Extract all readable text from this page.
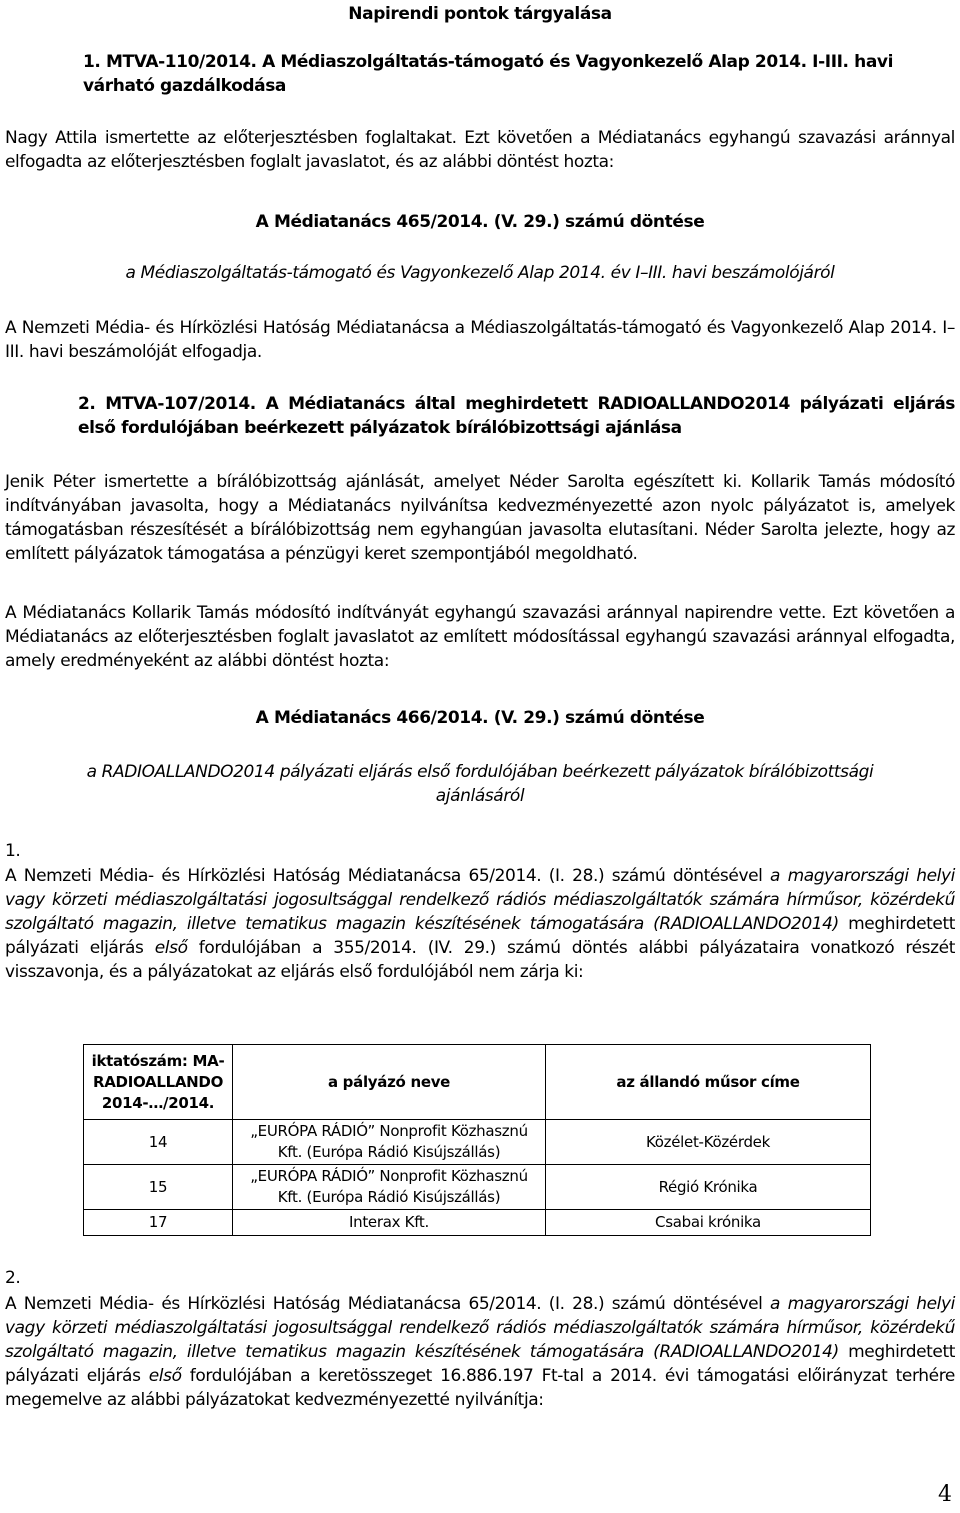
Napirendi pontok tárgyalása
1. MTVA-110/2014. A Médiaszolgáltatás-támogató és Vagyonkezelő Alap 2014. I-III. havi várható gazdálkodása
Nagy Attila ismertette az előterjesztésben foglaltakat. Ezt követően a Médiatanács egyhangú szavazási aránnyal elfogadta az előterjesztésben foglalt javaslatot, és az alábbi döntést hozta:
A Médiatanács 465/2014. (V. 29.) számú döntése
a Médiaszolgáltatás-támogató és Vagyonkezelő Alap 2014. év I–III. havi beszámolójáról
A Nemzeti Média- és Hírközlési Hatóság Médiatanácsa a Médiaszolgáltatás-támogató és Vagyonkezelő Alap 2014. I–III. havi beszámolóját elfogadja.
2. MTVA-107/2014. A Médiatanács által meghirdetett RADIOALLANDO2014 pályázati eljárás első fordulójában beérkezett pályázatok bírálóbizottsági ajánlása
Jenik Péter ismertette a bírálóbizottság ajánlását, amelyet Néder Sarolta egészített ki. Kollarik Tamás módosító indítványában javasolta, hogy a Médiatanács nyilvánítsa kedvezményezetté azon nyolc pályázatot is, amelyek támogatásban részesítését a bírálóbizottság nem egyhangúan javasolta elutasítani. Néder Sarolta jelezte, hogy az említett pályázatok támogatása a pénzügyi keret szempontjából megoldható.
A Médiatanács Kollarik Tamás módosító indítványát egyhangú szavazási aránnyal napirendre vette. Ezt követően a Médiatanács az előterjesztésben foglalt javaslatot az említett módosítással egyhangú szavazási aránnyal elfogadta, amely eredményeként az alábbi döntést hozta:
A Médiatanács 466/2014. (V. 29.) számú döntése
a RADIOALLANDO2014 pályázati eljárás első fordulójában beérkezett pályázatok bírálóbizottsági ajánlásáról
1.
A Nemzeti Média- és Hírközlési Hatóság Médiatanácsa 65/2014. (I. 28.) számú döntésével a magyarországi helyi vagy körzeti médiaszolgáltatási jogosultsággal rendelkező rádiós médiaszolgáltatók számára hírműsor, közérdekű szolgáltató magazin, illetve tematikus magazin készítésének támogatására (RADIOALLANDO2014) meghirdetett pályázati eljárás első fordulójában a 355/2014. (IV. 29.) számú döntés alábbi pályázataira vonatkozó részét visszavonja, és a pályázatokat az eljárás első fordulójából nem zárja ki:
iktatószám: MA-RADIOALLANDO 2014-…/2014.	a pályázó neve	az állandó műsor címe
14	„EURÓPA RÁDIÓ” Nonprofit Közhasznú Kft. (Európa Rádió Kisújszállás)	Közélet-Közérdek
15	„EURÓPA RÁDIÓ” Nonprofit Közhasznú Kft. (Európa Rádió Kisújszállás)	Régió Krónika
17	Interax Kft.	Csabai krónika
2.
A Nemzeti Média- és Hírközlési Hatóság Médiatanácsa 65/2014. (I. 28.) számú döntésével a magyarországi helyi vagy körzeti médiaszolgáltatási jogosultsággal rendelkező rádiós médiaszolgáltatók számára hírműsor, közérdekű szolgáltató magazin, illetve tematikus magazin készítésének támogatására (RADIOALLANDO2014) meghirdetett pályázati eljárás első fordulójában a keretösszeget 16.886.197 Ft-tal a 2014. évi támogatási előirányzat terhére megemelve az alábbi pályázatokat kedvezményezetté nyilvánítja:
4
